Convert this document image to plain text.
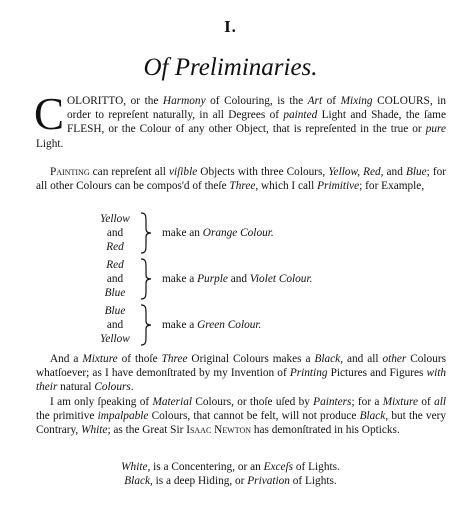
I.
Of Preliminaries.
COLORITTO, or the Harmony of Colouring, is the Art of Mixing COLOURS, in order to repreſent naturally, in all Degrees of painted Light and Shade, the ſame FLESH, or the Colour of any other Object, that is repreſented in the true or pure Light.
Painting can repreſent all viſible Objects with three Colours, Yellow, Red, and Blue; for all other Colours can be compos'd of theſe Three, which I call Primitive; for Example,
Yellow
and
Red
make an Orange Colour.
Red
and
Blue
make a Purple and Violet Colour.
Blue
and
Yellow
make a Green Colour.
And a Mixture of thoſe Three Original Colours makes a Black, and all other Colours whatſoever; as I have demonſtrated by my Invention of Printing Pictures and Figures with their natural Colours.
I am only ſpeaking of Material Colours, or thoſe uſed by Painters; for a Mixture of all the primitive impalpable Colours, that cannot be felt, will not produce Black, but the very Contrary, White; as the Great Sir Isaac Newton has demonſtrated in his Opticks.
White, is a Concentering, or an Exceſs of Lights.
Black, is a deep Hiding, or Privation of Lights.
